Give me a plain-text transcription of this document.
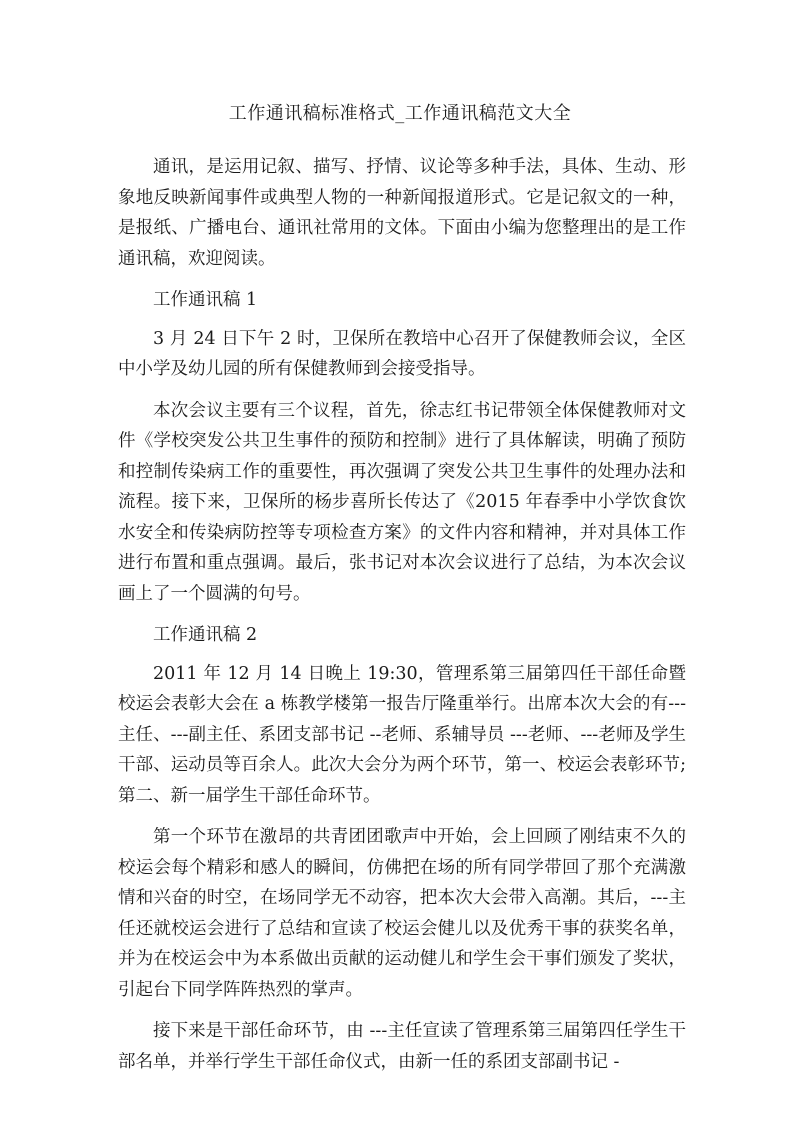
工作通讯稿标准格式_工作通讯稿范文大全

通讯，是运用记叙、描写、抒情、议论等多种手法，具体、生动、形象地反映新闻事件或典型人物的一种新闻报道形式。它是记叙文的一种，是报纸、广播电台、通讯社常用的文体。下面由小编为您整理出的是工作通讯稿，欢迎阅读。

工作通讯稿 1

3 月 24 日下午 2 时，卫保所在教培中心召开了保健教师会议，全区中小学及幼儿园的所有保健教师到会接受指导。

本次会议主要有三个议程，首先，徐志红书记带领全体保健教师对文件《学校突发公共卫生事件的预防和控制》进行了具体解读，明确了预防和控制传染病工作的重要性，再次强调了突发公共卫生事件的处理办法和流程。接下来，卫保所的杨步喜所长传达了《2015 年春季中小学饮食饮水安全和传染病防控等专项检查方案》的文件内容和精神，并对具体工作进行布置和重点强调。最后，张书记对本次会议进行了总结，为本次会议画上了一个圆满的句号。

工作通讯稿 2

2011 年 12 月 14 日晚上 19:30，管理系第三届第四任干部任命暨校运会表彰大会在 a 栋教学楼第一报告厅隆重举行。出席本次大会的有---主任、---副主任、系团支部书记 --老师、系辅导员 ---老师、---老师及学生干部、运动员等百余人。此次大会分为两个环节，第一、校运会表彰环节;第二、新一届学生干部任命环节。

第一个环节在激昂的共青团团歌声中开始，会上回顾了刚结束不久的校运会每个精彩和感人的瞬间，仿佛把在场的所有同学带回了那个充满激情和兴奋的时空，在场同学无不动容，把本次大会带入高潮。其后，---主任还就校运会进行了总结和宣读了校运会健儿以及优秀干事的获奖名单，并为在校运会中为本系做出贡献的运动健儿和学生会干事们颁发了奖状，引起台下同学阵阵热烈的掌声。

接下来是干部任命环节，由 ---主任宣读了管理系第三届第四任学生干部名单，并举行学生干部任命仪式，由新一任的系团支部副书记 -
